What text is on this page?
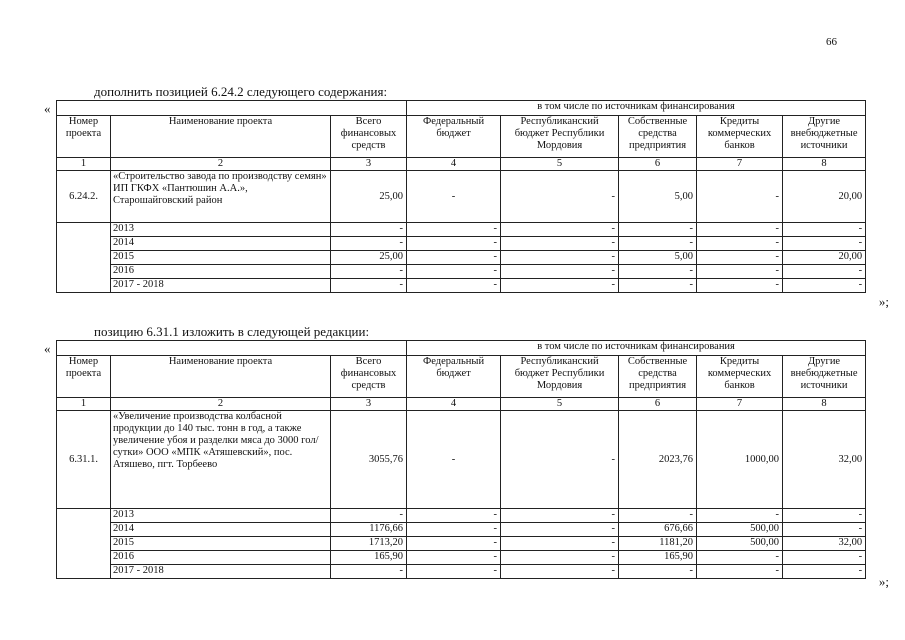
66
дополнить позицией 6.24.2 следующего содержания:
«
			в том числе по источникам финансирования				
Номер проекта	Наименование проекта	Всего финансовых средств	Федеральный бюджет	Республиканский бюджет Республики Мордовия	Собственные средства предприятия	Кредиты коммерческих банков	Другие внебюджетные источники
1	2	3	4	5	6	7	8
6.24.2.	«Строительство завода по производству семян» ИП ГКФХ «Пантюшин А.А.», Старошайговский район	25,00	-	-	5,00	-	20,00
	2013	-	-	-	-	-	-
	2014	-	-	-	-	-	-
	2015	25,00	-	-	5,00	-	20,00
	2016	-	-	-	-	-	-
	2017 - 2018	-	-	-	-	-	-
»;
позицию 6.31.1 изложить в следующей редакции:
«
			в том числе по источникам финансирования				
Номер проекта	Наименование проекта	Всего финансовых средств	Федеральный бюджет	Республиканский бюджет Республики Мордовия	Собственные средства предприятия	Кредиты коммерческих банков	Другие внебюджетные источники
1	2	3	4	5	6	7	8
6.31.1.	«Увеличение производства колбасной продукции до 140 тыс. тонн в год, а также увеличение убоя и разделки мяса до 3000 гол/сутки» ООО «МПК «Атяшевский», пос. Атяшево, пгт. Торбеево	3055,76	-	-	2023,76	1000,00	32,00
	2013	-	-	-	-	-	-
	2014	1176,66	-	-	676,66	500,00	-
	2015	1713,20	-	-	1181,20	500,00	32,00
	2016	165,90	-	-	165,90	-	-
	2017 - 2018	-	-	-	-	-	-
»;
